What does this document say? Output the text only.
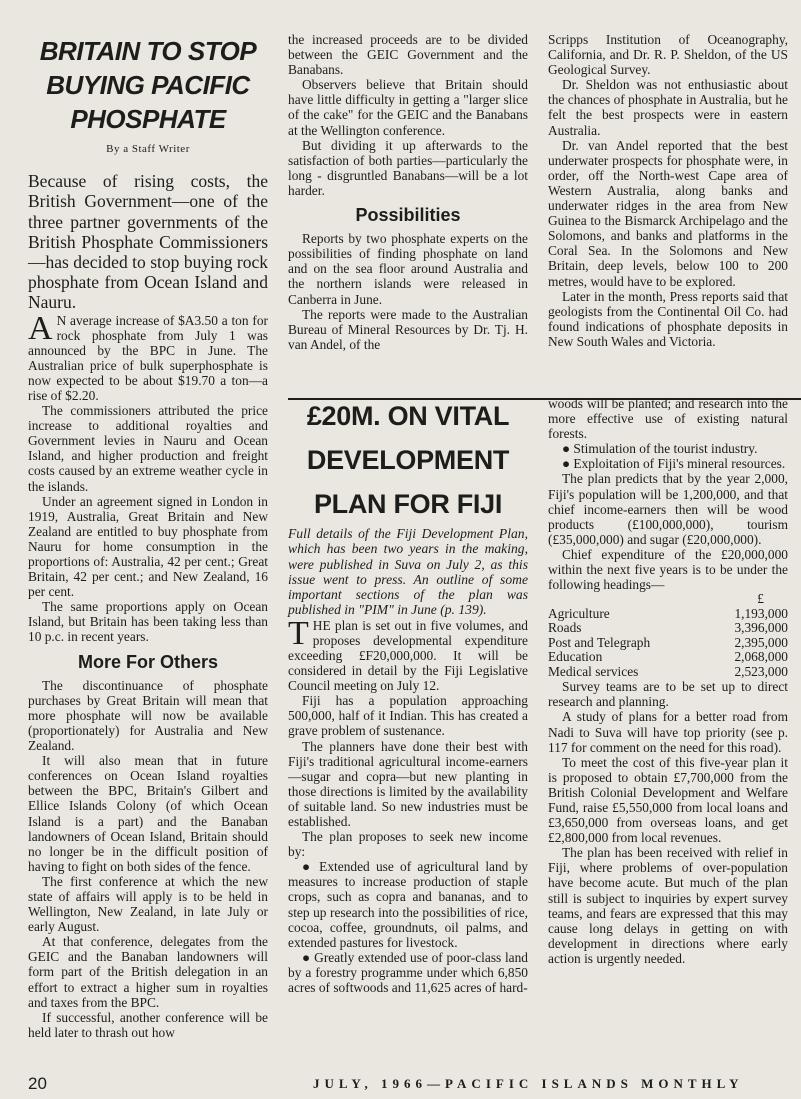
BRITAIN TO STOP
BUYING PACIFIC
PHOSPHATE
By a Staff Writer

Because of rising costs, the British Government—one of the three partner governments of the British Phosphate Commissioners—has decided to stop buying rock phosphate from Ocean Island and Nauru.

A N average increase of $A3.50 a ton for rock phosphate from July 1 was announced by the BPC in June. The Australian price of bulk superphosphate is now expected to be about $19.70 a ton—a rise of $2.20.

The commissioners attributed the price increase to additional royalties and Government levies in Nauru and Ocean Island, and higher production and freight costs caused by an extreme weather cycle in the islands.

Under an agreement signed in London in 1919, Australia, Great Britain and New Zealand are entitled to buy phosphate from Nauru for home consumption in the proportions of: Australia, 42 per cent.; Great Britain, 42 per cent.; and New Zealand, 16 per cent.

The same proportions apply on Ocean Island, but Britain has been taking less than 10 p.c. in recent years.

More For Others

The discontinuance of phosphate purchases by Great Britain will mean that more phosphate will now be available (proportionately) for Australia and New Zealand.

It will also mean that in future conferences on Ocean Island royalties between the BPC, Britain's Gilbert and Ellice Islands Colony (of which Ocean Island is a part) and the Banaban landowners of Ocean Island, Britain should no longer be in the difficult position of having to fight on both sides of the fence.

The first conference at which the new state of affairs will apply is to be held in Wellington, New Zealand, in late July or early August.

At that conference, delegates from the GEIC and the Banaban landowners will form part of the British delegation in an effort to extract a higher sum in royalties and taxes from the BPC.

If successful, another conference will be held later to thrash out how

the increased proceeds are to be divided between the GEIC Government and the Banabans.

Observers believe that Britain should have little difficulty in getting a "larger slice of the cake" for the GEIC and the Banabans at the Wellington conference.

But dividing it up afterwards to the satisfaction of both parties—particularly the long - disgruntled Banabans—will be a lot harder.

Possibilities

Reports by two phosphate experts on the possibilities of finding phosphate on land and on the sea floor around Australia and the northern islands were released in Canberra in June.

The reports were made to the Australian Bureau of Mineral Resources by Dr. Tj. H. van Andel, of the

Scripps Institution of Oceanography, California, and Dr. R. P. Sheldon, of the US Geological Survey.

Dr. Sheldon was not enthusiastic about the chances of phosphate in Australia, but he felt the best prospects were in eastern Australia.

Dr. van Andel reported that the best underwater prospects for phosphate were, in order, off the North-west Cape area of Western Australia, along banks and underwater ridges in the area from New Guinea to the Bismarck Archipelago and the Solomons, and banks and platforms in the Coral Sea. In the Solomons and New Britain, deep levels, below 100 to 200 metres, would have to be explored.

Later in the month, Press reports said that geologists from the Continental Oil Co. had found indications of phosphate deposits in New South Wales and Victoria.

£20M. ON VITAL
DEVELOPMENT
PLAN FOR FIJI

Full details of the Fiji Development Plan, which has been two years in the making, were published in Suva on July 2, as this issue went to press. An outline of some important sections of the plan was published in "PIM" in June (p. 139).

THE plan is set out in five volumes, and proposes developmental expenditure exceeding £F20,000,000. It will be considered in detail by the Fiji Legislative Council meeting on July 12.

Fiji has a population approaching 500,000, half of it Indian. This has created a grave problem of sustenance.

The planners have done their best with Fiji's traditional agricultural income-earners—sugar and copra—but new planting in those directions is limited by the availability of suitable land. So new industries must be established.

The plan proposes to seek new income by:

● Extended use of agricultural land by measures to increase production of staple crops, such as copra and bananas, and to step up research into the possibilities of rice, cocoa, coffee, groundnuts, oil palms, and extended pastures for livestock.

● Greatly extended use of poor-class land by a forestry programme under which 6,850 acres of softwoods and 11,625 acres of hard-

woods will be planted; and research into the more effective use of existing natural forests.

● Stimulation of the tourist industry.

● Exploitation of Fiji's mineral resources.

The plan predicts that by the year 2,000, Fiji's population will be 1,200,000, and that chief income-earners then will be wood products (£100,000,000), tourism (£35,000,000) and sugar (£20,000,000).

Chief expenditure of the £20,000,000 within the next five years is to be under the following headings—

	£
Agriculture	1,193,000
Roads	3,396,000
Post and Telegraph	2,395,000
Education	2,068,000
Medical services	2,523,000

Survey teams are to be set up to direct research and planning.

A study of plans for a better road from Nadi to Suva will have top priority (see p. 117 for comment on the need for this road).

To meet the cost of this five-year plan it is proposed to obtain £7,700,000 from the British Colonial Development and Welfare Fund, raise £5,550,000 from local loans and £3,650,000 from overseas loans, and get £2,800,000 from local revenues.

The plan has been received with relief in Fiji, where problems of over-population have become acute. But much of the plan still is subject to inquiries by expert survey teams, and fears are expressed that this may cause long delays in getting on with development in directions where early action is urgently needed.

20	JULY, 1966—PACIFIC ISLANDS MONTHLY
